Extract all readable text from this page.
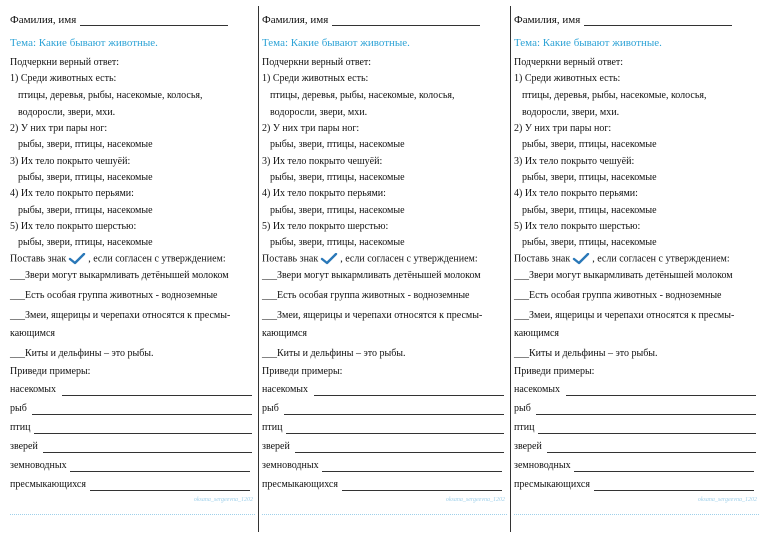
Фамилия, имя
Тема: Какие бывают животные.
Подчеркни верный ответ:
1) Среди животных есть:
птицы, деревья, рыбы, насекомые, колосья,
водоросли, звери, мхи.
2) У них три пары ног:
рыбы, звери, птицы, насекомые
3) Их тело покрыто чешуёй:
рыбы, звери, птицы, насекомые
4) Их тело покрыто перьями:
рыбы, звери, птицы, насекомые
5) Их тело покрыто шерстью:
рыбы, звери, птицы, насекомые
Поставь знак , если согласен с утверждением:
___Звери могут выкармливать детёнышей молоком
___Есть особая группа животных - водноземные
___Змеи, ящерицы и черепахи относятся к пресмы-
кающимся
___Киты и дельфины – это рыбы.
Приведи примеры:
насекомых
рыб
птиц
зверей
земноводных
пресмыкающихся
oksana_sergeevna_1202
Фамилия, имя
Тема: Какие бывают животные.
Подчеркни верный ответ:
1) Среди животных есть:
птицы, деревья, рыбы, насекомые, колосья,
водоросли, звери, мхи.
2) У них три пары ног:
рыбы, звери, птицы, насекомые
3) Их тело покрыто чешуёй:
рыбы, звери, птицы, насекомые
4) Их тело покрыто перьями:
рыбы, звери, птицы, насекомые
5) Их тело покрыто шерстью:
рыбы, звери, птицы, насекомые
Поставь знак , если согласен с утверждением:
___Звери могут выкармливать детёнышей молоком
___Есть особая группа животных - водноземные
___Змеи, ящерицы и черепахи относятся к пресмы-
кающимся
___Киты и дельфины – это рыбы.
Приведи примеры:
насекомых
рыб
птиц
зверей
земноводных
пресмыкающихся
oksana_sergeevna_1202
Фамилия, имя
Тема: Какие бывают животные.
Подчеркни верный ответ:
1) Среди животных есть:
птицы, деревья, рыбы, насекомые, колосья,
водоросли, звери, мхи.
2) У них три пары ног:
рыбы, звери, птицы, насекомые
3) Их тело покрыто чешуёй:
рыбы, звери, птицы, насекомые
4) Их тело покрыто перьями:
рыбы, звери, птицы, насекомые
5) Их тело покрыто шерстью:
рыбы, звери, птицы, насекомые
Поставь знак , если согласен с утверждением:
___Звери могут выкармливать детёнышей молоком
___Есть особая группа животных - водноземные
___Змеи, ящерицы и черепахи относятся к пресмы-
кающимся
___Киты и дельфины – это рыбы.
Приведи примеры:
насекомых
рыб
птиц
зверей
земноводных
пресмыкающихся
oksana_sergeevna_1202
